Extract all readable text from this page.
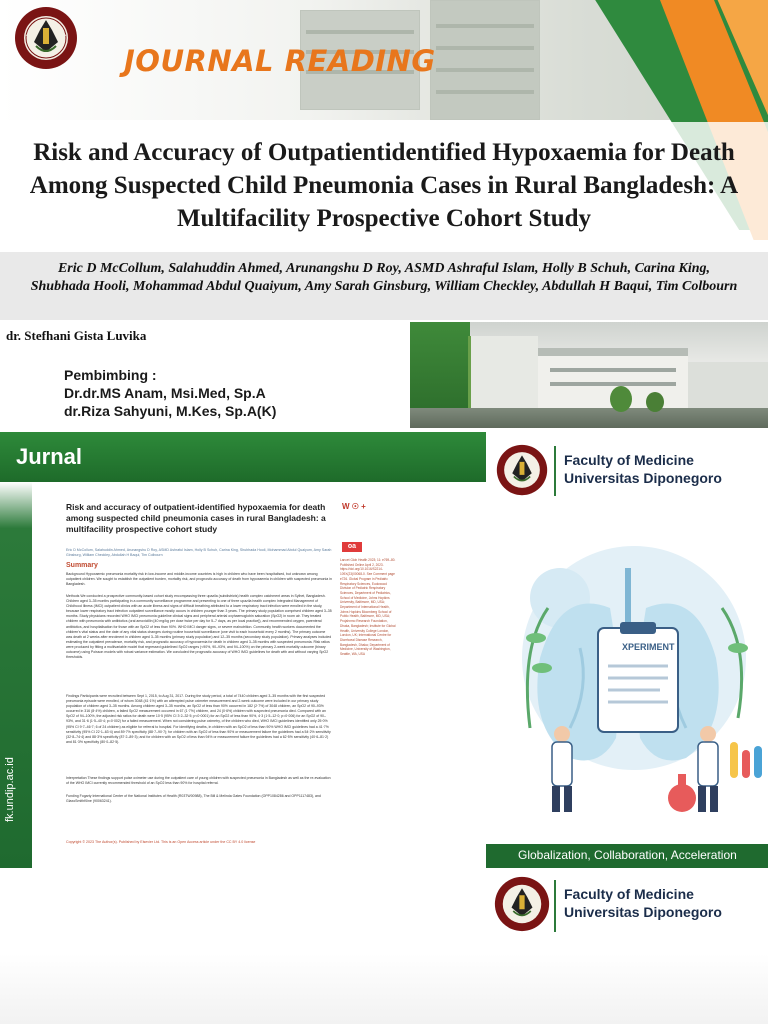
JOURNAL READING
Risk and Accuracy of Outpatientidentified Hypoxaemia for Death Among Suspected Child Pneumonia Cases in Rural Bangladesh: A Multifacility Prospective Cohort Study
Eric D McCollum, Salahuddin Ahmed, Arunangshu D Roy, ASMD Ashraful Islam, Holly B Schuh, Carina King, Shubhada Hooli, Mohammad Abdul Quaiyum, Amy Sarah Ginsburg, William Checkley, Abdullah H Baqui, Tim Colbourn
dr. Stefhani Gista Luvika
Pembimbing :
Dr.dr.MS Anam, Msi.Med, Sp.A
dr.Riza Sahyuni, M.Kes, Sp.A(K)
Jurnal
fk.undip.ac.id
Faculty of Medicine
Universitas Diponegoro
Risk and accuracy of outpatient-identified hypoxaemia for death among suspected child pneumonia cases in rural Bangladesh: a multifacility prospective cohort study
W ☉ +
oa
Eric D McCollum, Salahuddin Ahmed, Arunangshu D Roy, ASMD Ashraful Islam, Holly B Schuh, Carina King, Shubhada Hooli, Mohammad Abdul Quaiyum, Amy Sarah Ginsburg, William Checkley, Abdullah H Baqui, Tim Colbourn
Summary
Background Hypoxaemic pneumonia mortality risk in low-income and middle-income countries is high in children who have been hospitalised, but unknown among outpatient children. We sought to establish the outpatient burden, mortality risk, and prognostic accuracy of death from hypoxaemia in children with suspected pneumonia in Bangladesh.
Methods We conducted a prospective community-based cohort study encompassing three upazila (subdistricts) health complex catchment areas in Sylhet, Bangladesh. Children aged 3–35 months participating in a community surveillance programme and presenting to one of three upazila health complex Integrated Management of Childhood Illness (IMCI) outpatient clinics with an acute illness and signs of difficult breathing attributed to a lower respiratory tract infection were enrolled in the study, because lower respiratory tract infection outpatient surveillance mostly occurs in children younger than 3 years. The primary study population comprised children aged 3–35 months. Study physicians recorded WHO IMCI pneumonia guideline clinical signs and peripheral arterial oxyhaemoglobin saturation (SpO2) in room air. They treated children with pneumonia with antibiotics (oral amoxicillin [40 mg/kg per dose twice per day for 5–7 days, as per local practice]), and recommended oxygen, parenteral antibiotics, and hospitalisation for those with an SpO2 of less than 90%. WHO IMCI danger signs, or severe malnutrition. Community health workers documented the children's vital status and the date of any vital status changes during routine household surveillance (one visit to each household every 2 months). The primary outcome was death at 2 weeks after enrolment in children aged 3–35 months (primary study population) and 12–35 months (secondary study population). Primary analyses included estimating the outpatient prevalence, mortality risk, and prognostic accuracy of hypoxaemia for death in children aged 3–35 months with suspected pneumonia. Risk ratios were produced by fitting a multivariable model that regressed guidelined SpO2 ranges (<90%, 90–93%, and 94–100%) on the primary 2-week mortality outcome (binary outcome) using Poisson models with robust variance estimation. We concluded the prognostic accuracy of WHO IMCI guidelines for death with and without varying SpO2 thresholds.
Findings Participants were recruited between Sept 1, 2015, to Aug 31, 2017. During the study period, a total of 7440 children aged 3–35 months with the first suspected pneumonia episode were enrolled, of whom 3048 (41·1%) with an attempted pulse oximeter measurement and 2-week outcome were included in our primary study population of children aged 3–35 months. Among children aged 3–35 months, an SpO2 of less than 90% occurred in 182 (2·7%) of 3048 children, an SpO2 of 90–93% occurred in 316 (8·4%) children, a failed SpO2 measurement occurred in 67 (1·7%) children, and 24 (0·6%) children with suspected pneumonia died. Compared with an SpO2 of 94–100%, the adjusted risk ratios for death were 10·5 (95% CI 3·2–32·5; p<0·0001) for an SpO2 of less than 90%, 4·3 (1·5–12·0; p=0·006) for an SpO2 of 90–93%, and 31·6 (1·5–40·4; p=0·002) for a failed measurement. When not considering pulse oximetry, of the children who died, WHO IMCI guidelines identified only 25·0% (95% CI 9·7–46·7; 6 of 24 children) as eligible for referral to hospital. For identifying deaths, in children with an SpO2 of less than 90% WHO IMCI guidelines had a 41·7% sensitivity (95% CI 22·1–63·4) and 89·7% specificity (88·7–90·7); for children with an SpO2 of less than 90% or measurement failure the guidelines had a 54·2% sensitivity (32·8–74·4) and 88·3% specificity (87·2–89·3); and for children with an SpO2 of less than 94% or measurement failure the guidelines had a 62·5% sensitivity (40·6–81·2) and 81·3% specificity (80·0–82·5).
Interpretation These findings support pulse oximeter use during the outpatient care of young children with suspected pneumonia in Bangladesh as well as the re-evaluation of the WHO IMCI currently recommended threshold of an SpO2 less than 90% for hospital referral.
Funding Fogarty International Center of the National Institutes of Health (R03TW00988), The Bill & Melinda Gates Foundation (OPP1084286 and OPP1117483), and GlaxoSmithKline (90063241).
Lancet Glob Health 2023; 11: e769–80. Published Online April 2, 2023. https://doi.org/10.1016/S2214-109X(23)00068-0. See Comment page e726. Global Program in Pediatric Respiratory Sciences, Eudowood Division of Pediatric Respiratory Sciences, Department of Pediatrics, School of Medicine, Johns Hopkins University, Baltimore, MD, USA; Department of International Health, Johns Hopkins Bloomberg School of Public Health, Baltimore, MD, USA; Projahnmo Research Foundation, Dhaka, Bangladesh; Institute for Global Health, University College London, London, UK; International Centre for Diarrhoeal Disease Research, Bangladesh, Dhaka; Department of Medicine, University of Washington, Seattle, WA, USA
Copyright © 2023 The Author(s). Published by Elsevier Ltd. This is an Open Access article under the CC BY 4.0 license
XPERIMENT
Globalization, Collaboration, Acceleration
Faculty of Medicine
Universitas Diponegoro
